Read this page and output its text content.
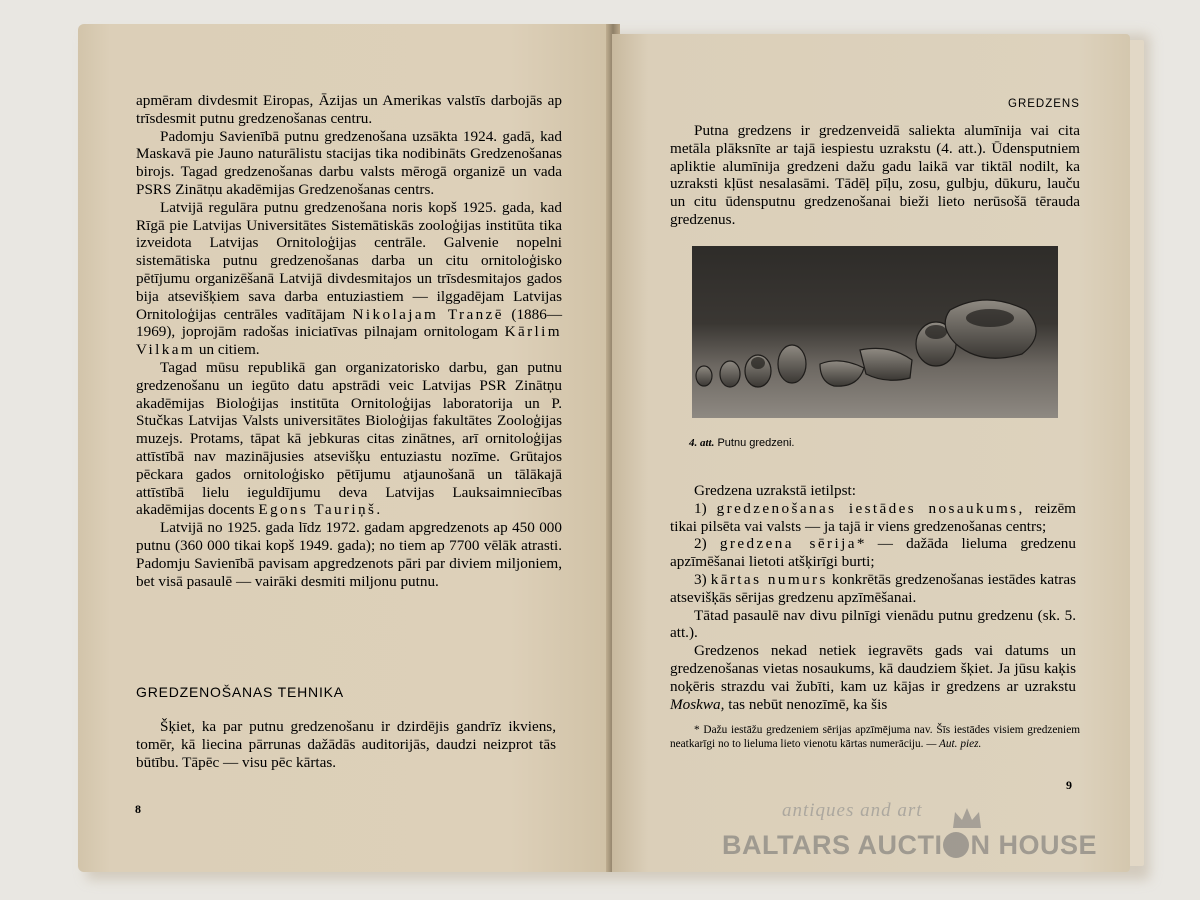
apmēram divdesmit Eiropas, Āzijas un Amerikas valstīs darbojās ap trīsdesmit putnu gredzenošanas centru.

Padomju Savienībā putnu gredzenošana uzsākta 1924. gadā, kad Maskavā pie Jauno naturālistu stacijas tika nodibināts Gredzenošanas birojs. Tagad gredzenošanas darbu valsts mērogā organizē un vada PSRS Zinātņu akadēmijas Gredzenošanas centrs.

Latvijā regulāra putnu gredzenošana noris kopš 1925. gada, kad Rīgā pie Latvijas Universitātes Sistemātiskās zooloģijas institūta tika izveidota Latvijas Ornitoloģijas centrāle. Galvenie nopelni sistemātiska putnu gredzenošanas darba un citu ornitoloģisko pētījumu organizēšanā Latvijā divdesmitajos un trīsdesmitajos gados bija atsevišķiem sava darba entuziastiem — ilggadējam Latvijas Ornitoloģijas centrāles vadītājam Nikolajam Tranzē (1886—1969), joprojām radošas iniciatīvas pilnajam ornitologam Kārlim Vilkam un citiem.

Tagad mūsu republikā gan organizatorisko darbu, gan putnu gredzenošanu un iegūto datu apstrādi veic Latvijas PSR Zinātņu akadēmijas Bioloģijas institūta Ornitoloģijas laboratorija un P. Stučkas Latvijas Valsts universitātes Bioloģijas fakultātes Zooloģijas muzejs. Protams, tāpat kā jebkuras citas zinātnes, arī ornitoloģijas attīstībā nav mazinājusies atsevišķu entuziastu nozīme. Grūtajos pēckara gados ornitoloģisko pētījumu atjaunošanā un tālākajā attīstībā lielu ieguldījumu deva Latvijas Lauksaimniecības akadēmijas docents Egons Tauriņš.

Latvijā no 1925. gada līdz 1972. gadam apgredzenots ap 450 000 putnu (360 000 tikai kopš 1949. gada); no tiem ap 7700 vēlāk atrasti. Padomju Savienībā pavisam apgredzenots pāri par diviem miljoniem, bet visā pasaulē — vairāki desmiti miljonu putnu.

GREDZENOŠANAS TEHNIKA

Šķiet, ka par putnu gredzenošanu ir dzirdējis gandrīz ikviens, tomēr, kā liecina pārrunas dažādās auditorijās, daudzi neizprot tās būtību. Tāpēc — visu pēc kārtas.

8
GREDZENS

Putna gredzens ir gredzenveidā saliekta alumīnija vai cita metāla plāksnīte ar tajā iespiestu uzrakstu (4. att.). Ūdensputniem apliktie alumīnija gredzeni dažu gadu laikā var tiktāl nodilt, ka uzraksti kļūst nesalasāmi. Tādēļ pīļu, zosu, gulbju, dūkuru, lauču un citu ūdensputnu gredzenošanai bieži lieto nerūsošā tērauda gredzenus.

4. att. Putnu gredzeni.

Gredzena uzrakstā ietilpst:

1) gredzenošanas iestādes nosaukums, reizēm tikai pilsēta vai valsts — ja tajā ir viens gredzenošanas centrs;

2) gredzena sērija* — dažāda lieluma gredzenu apzīmēšanai lietoti atšķirīgi burti;

3) kārtas numurs konkrētās gredzenošanas iestādes katras atsevišķās sērijas gredzenu apzīmēšanai.

Tātad pasaulē nav divu pilnīgi vienādu putnu gredzenu (sk. 5. att.).

Gredzenos nekad netiek iegravēts gads vai datums un gredzenošanas vietas nosaukums, kā daudziem šķiet. Ja jūsu kaķis noķēris strazdu vai žubīti, kam uz kājas ir gredzens ar uzrakstu Moskwa, tas nebūt nenozīmē, ka šis

* Dažu iestāžu gredzeniem sērijas apzīmējuma nav. Šīs iestādes visiem gredzeniem neatkarīgi no to lieluma lieto vienotu kārtas numerāciju. — Aut. piez.
9
antiques and art
BALTARS AUCTI N HOUSE
